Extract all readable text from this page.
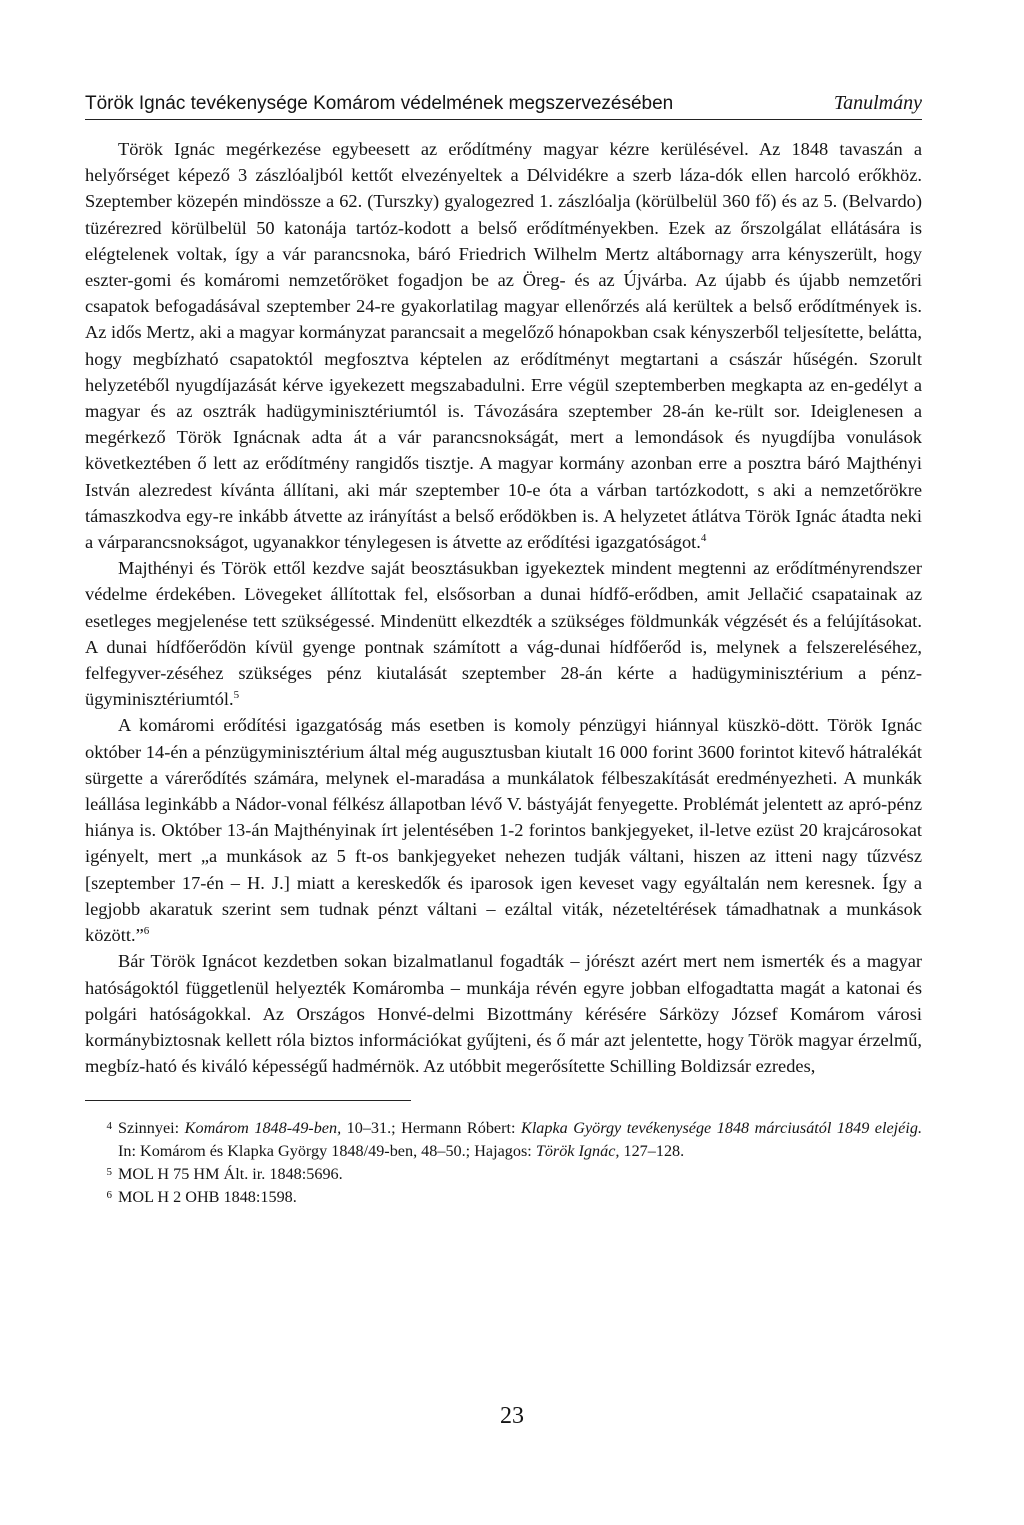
Török Ignác tevékenysége Komárom védelmének megszervezésében	Tanulmány

Török Ignác megérkezése egybeesett az erődítmény magyar kézre kerülésével. Az 1848 tavaszán a helyőrséget képező 3 zászlóaljból kettőt elvezényeltek a Délvidékre a szerb láza-dók ellen harcoló erőkhöz. Szeptember közepén mindössze a 62. (Turszky) gyalogezred 1. zászlóalja (körülbelül 360 fő) és az 5. (Belvardo) tüzérezred körülbelül 50 katonája tartóz-kodott a belső erődítményekben. Ezek az őrszolgálat ellátására is elégtelenek voltak, így a vár parancsnoka, báró Friedrich Wilhelm Mertz altábornagy arra kényszerült, hogy eszter-gomi és komáromi nemzetőröket fogadjon be az Öreg- és az Újvárba. Az újabb és újabb nemzetőri csapatok befogadásával szeptember 24-re gyakorlatilag magyar ellenőrzés alá kerültek a belső erődítmények is. Az idős Mertz, aki a magyar kormányzat parancsait a megelőző hónapokban csak kényszerből teljesítette, belátta, hogy megbízható csapatoktól megfosztva képtelen az erődítményt megtartani a császár hűségén. Szorult helyzetéből nyugdíjazását kérve igyekezett megszabadulni. Erre végül szeptemberben megkapta az en-gedélyt a magyar és az osztrák hadügyminisztériumtól is. Távozására szeptember 28-án ke-rült sor. Ideiglenesen a megérkező Török Ignácnak adta át a vár parancsnokságát, mert a lemondások és nyugdíjba vonulások következtében ő lett az erődítmény rangidős tisztje. A magyar kormány azonban erre a posztra báró Majthényi István alezredest kívánta állítani, aki már szeptember 10-e óta a várban tartózkodott, s aki a nemzetőrökre támaszkodva egy-re inkább átvette az irányítást a belső erődökben is. A helyzetet átlátva Török Ignác átadta neki a várparancsnokságot, ugyanakkor ténylegesen is átvette az erődítési igazgatóságot.$^4$

Majthényi és Török ettől kezdve saját beosztásukban igyekeztek mindent megtenni az erődítményrendszer védelme érdekében. Lövegeket állítottak fel, elsősorban a dunai hídfő-erődben, amit Jellačić csapatainak az esetleges megjelenése tett szükségessé. Mindenütt elkezdték a szükséges földmunkák végzését és a felújításokat. A dunai hídfőerődön kívül gyenge pontnak számított a vág-dunai hídfőerőd is, melynek a felszereléséhez, felfegyver-zéséhez szükséges pénz kiutalását szeptember 28-án kérte a hadügyminisztérium a pénz-ügyminisztériumtól.$^5$

A komáromi erődítési igazgatóság más esetben is komoly pénzügyi hiánnyal küszkö-dött. Török Ignác október 14-én a pénzügyminisztérium által még augusztusban kiutalt 16 000 forint 3600 forintot kitevő hátralékát sürgette a várerődítés számára, melynek el-maradása a munkálatok félbeszakítását eredményezheti. A munkák leállása leginkább a Nádor-vonal félkész állapotban lévő V. bástyáját fenyegette. Problémát jelentett az apró-pénz hiánya is. Október 13-án Majthényinak írt jelentésében 1-2 forintos bankjegyeket, il-letve ezüst 20 krajcárosokat igényelt, mert „a munkások az 5 ft-os bankjegyeket nehezen tudják váltani, hiszen az itteni nagy tűzvész [szeptember 17-én – H. J.] miatt a kereskedők és iparosok igen keveset vagy egyáltalán nem keresnek. Így a legjobb akaratuk szerint sem tudnak pénzt váltani – ezáltal viták, nézeteltérések támadhatnak a munkások között.”$^6$

Bár Török Ignácot kezdetben sokan bizalmatlanul fogadták – jórészt azért mert nem ismerték és a magyar hatóságoktól függetlenül helyezték Komáromba – munkája révén egyre jobban elfogadtatta magát a katonai és polgári hatóságokkal. Az Országos Honvé-delmi Bizottmány kérésére Sárközy József Komárom városi kormánybiztosnak kellett róla biztos információkat gyűjteni, és ő már azt jelentette, hogy Török magyar érzelmű, megbíz-ható és kiváló képességű hadmérnök. Az utóbbit megerősítette Schilling Boldizsár ezredes,

4 Szinnyei: Komárom 1848-49-ben, 10–31.; Hermann Róbert: Klapka György tevékenysége 1848 márciusától 1849 elejéig. In: Komárom és Klapka György 1848/49-ben, 48–50.; Hajagos: Török Ignác, 127–128.

5 MOL H 75 HM Ált. ir. 1848:5696.

6 MOL H 2 OHB 1848:1598.

23
